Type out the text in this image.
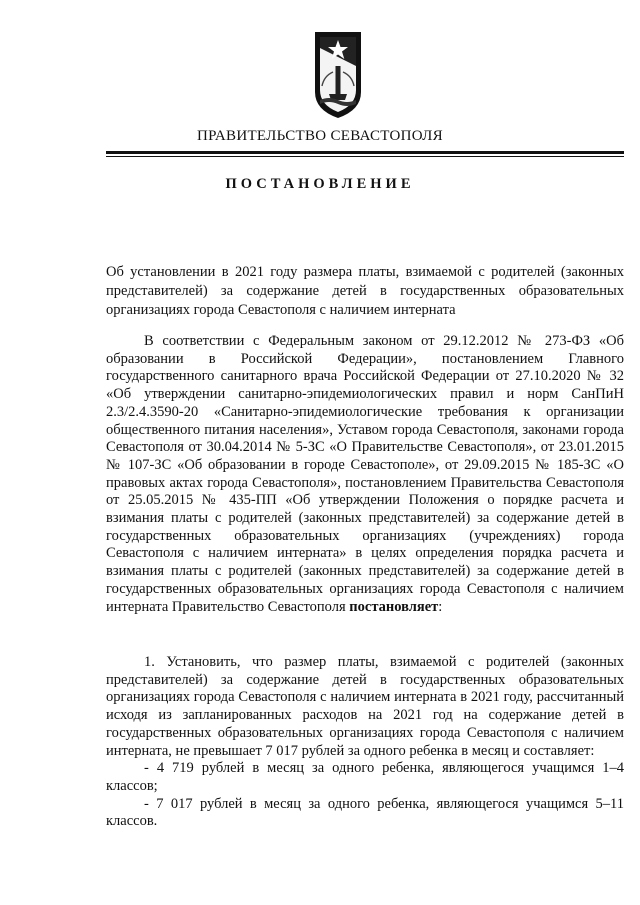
ПРАВИТЕЛЬСТВО СЕВАСТОПОЛЯ
ПОСТАНОВЛЕНИЕ
Об установлении в 2021 году размера платы, взимаемой с родителей (законных представителей) за содержание детей в государственных образовательных организациях города Севастополя с наличием интерната

В соответствии с Федеральным законом от 29.12.2012 № 273-ФЗ «Об образовании в Российской Федерации», постановлением Главного государственного санитарного врача Российской Федерации от 27.10.2020 № 32 «Об утверждении санитарно-эпидемиологических правил и норм СанПиН 2.3/2.4.3590-20 «Санитарно-эпидемиологические требования к организации общественного питания населения», Уставом города Севастополя, законами города Севастополя от 30.04.2014 № 5-ЗС «О Правительстве Севастополя», от 23.01.2015 № 107-ЗС «Об образовании в городе Севастополе», от 29.09.2015 № 185-ЗС «О правовых актах города Севастополя», постановлением Правительства Севастополя от 25.05.2015 № 435-ПП «Об утверждении Положения о порядке расчета и взимания платы с родителей (законных представителей) за содержание детей в государственных образовательных организациях (учреждениях) города Севастополя с наличием интерната» в целях определения порядка расчета и взимания платы с родителей (законных представителей) за содержание детей в государственных образовательных организациях города Севастополя с наличием интерната Правительство Севастополя постановляет:

1. Установить, что размер платы, взимаемой с родителей (законных представителей) за содержание детей в государственных образовательных организациях города Севастополя с наличием интерната в 2021 году, рассчитанный исходя из запланированных расходов на 2021 год на содержание детей в государственных образовательных организациях города Севастополя с наличием интерната, не превышает 7 017 рублей за одного ребенка в месяц и составляет:

- 4 719 рублей в месяц за одного ребенка, являющегося учащимся 1–4 классов;

- 7 017 рублей в месяц за одного ребенка, являющегося учащимся 5–11 классов.
